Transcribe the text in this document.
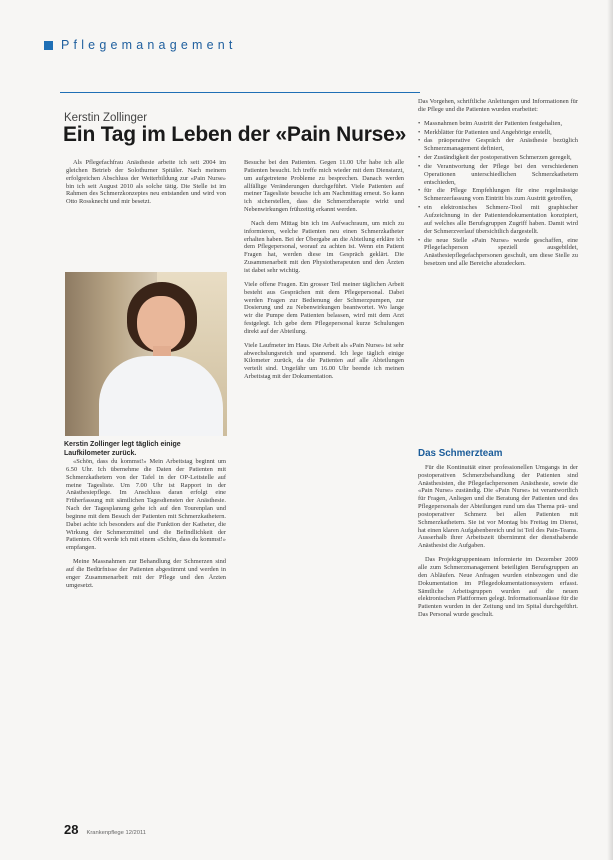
Pflegemanagement
Kerstin Zollinger
Ein Tag im Leben der «Pain Nurse»

Als Pflegefachfrau Anästhesie arbeite ich seit 2004 im gleichen Betrieb der Solothurner Spitäler. Nach meinem erfolgreichen Abschluss der Weiterbildung zur «Pain Nurse» bin ich seit August 2010 als solche tätig. Die Stelle ist im Rahmen des Schmerzkonzeptes neu entstanden und wird von Otto Rossknecht und mir besetzt.

Kerstin Zollinger legt täglich einige Laufkilometer zurück.

«Schön, dass du kommst!» Mein Arbeitstag beginnt um 6.50 Uhr. Ich übernehme die Daten der Patienten mit Schmerzkathetern von der Tafel in der OP-Leitstelle auf meine Tagesliste. Um 7.00 Uhr ist Rapport in der Anästhesiepflege. Im Anschluss daran erfolgt eine Früherfassung mit sämtlichen Tagesdiensten der Anästhesie. Nach der Tagesplanung gehe ich auf den Tourenplan und beginne mit dem Besuch der Patienten mit Schmerzkathetern. Dabei achte ich besonders auf die Funktion der Katheter, die Wirkung der Schmerzmittel und die Befindlichkeit der Patienten. Oft werde ich mit einem «Schön, dass du kommst!» empfangen.

Meine Massnahmen zur Behandlung der Schmerzen sind auf die Bedürfnisse der Patienten abgestimmt und werden in enger Zusammenarbeit mit der Pflege und den Ärzten umgesetzt.

Besuche bei den Patienten. Gegen 11.00 Uhr habe ich alle Patienten besucht. Ich treffe mich wieder mit dem Dienstarzt, um aufgetretene Probleme zu besprechen. Danach werden allfällige Veränderungen durchgeführt. Viele Patienten auf meiner Tagesliste besuche ich am Nachmittag erneut. So kann ich sicherstellen, dass die Schmerztherapie wirkt und Nebenwirkungen frühzeitig erkannt werden.

Nach dem Mittag bin ich im Aufwachraum, um mich zu informieren, welche Patienten neu einen Schmerzkatheter erhalten haben. Bei der Übergabe an die Abteilung erkläre ich dem Pflegepersonal, worauf zu achten ist. Wenn ein Patient Fragen hat, werden diese im Gespräch geklärt. Die Zusammenarbeit mit den Physiotherapeuten und den Ärzten ist dabei sehr wichtig.

Viele offene Fragen. Ein grosser Teil meiner täglichen Arbeit besteht aus Gesprächen mit dem Pflegepersonal. Dabei werden Fragen zur Bedienung der Schmerzpumpen, zur Dosierung und zu Nebenwirkungen beantwortet. Wo lange wir die Pumpe dem Patienten belassen, wird mit dem Arzt festgelegt. Ich gebe dem Pflegepersonal kurze Schulungen direkt auf der Abteilung.

Viele Laufmeter im Haus. Die Arbeit als «Pain Nurse» ist sehr abwechslungsreich und spannend. Ich lege täglich einige Kilometer zurück, da die Patienten auf alle Abteilungen verteilt sind. Ungefähr um 16.00 Uhr beende ich meinen Arbeitstag mit der Dokumentation.

Das Vorgehen, schriftliche Anleitungen und Informationen für die Pflege und die Patienten wurden erarbeitet:

• Massnahmen beim Austritt der Patienten festgehalten,
• Merkblätter für Patienten und Angehörige erstellt,
• das präoperative Gespräch der Anästhesie bezüglich Schmerzmanagement definiert,
• der Zuständigkeit der postoperativen Schmerzen geregelt,
• die Verantwortung der Pflege bei den verschiedenen Operationen unterschiedlichen Schmerzkathetern entschieden,
• für die Pflege Empfehlungen für eine regelmässige Schmerzerfassung vom Eintritt bis zum Austritt getroffen,
• ein elektronisches Schmerz-Tool mit graphischer Aufzeichnung in der Patientendokumentation konzipiert, auf welches alle Berufsgruppen Zugriff haben. Damit wird der Schmerzverlauf übersichtlich dargestellt.
• die neue Stelle «Pain Nurse» wurde geschaffen, eine Pflegefachperson speziell ausgebildet, Anästhesiepflegefachpersonen geschult, um diese Stelle zu besetzen und alle Bereiche abzudecken.
Das Schmerzteam

Für die Kontinuität einer professionellen Umgangs in der postoperativen Schmerzbehandlung der Patienten sind Anästhesisten, die Pflegefachpersonen Anästhesie, sowie die «Pain Nurse» zuständig. Die «Pain Nurse» ist verantwortlich für Fragen, Anliegen und die Beratung der Patienten und des Pflegepersonals der Abteilungen rund um das Thema prä- und postoperativer Schmerz bei allen Patienten mit Schmerzkathetern. Sie ist vor Montag bis Freitag im Dienst, hat einen klaren Aufgabenbereich und ist Teil des Pain-Teams. Ausserhalb ihrer Arbeitszeit übernimmt der diensthabende Anästhesist die Aufgaben.

Das Projektgruppenteam informierte im Dezember 2009 alle zum Schmerzmanagement beteiligten Berufsgruppen an den Abläufen. Neue Anfragen wurden einbezogen und die Dokumentation im Pflegedokumentationssystem erfasst. Sämtliche Arbeitsgruppen wurden auf die neuen elektronischen Plattformen gelegt. Informationsanlässe für die Patienten wurden in der Zeitung und im Spital durchgeführt. Das Personal wurde geschult.

28 Krankenpflege 12/2011
